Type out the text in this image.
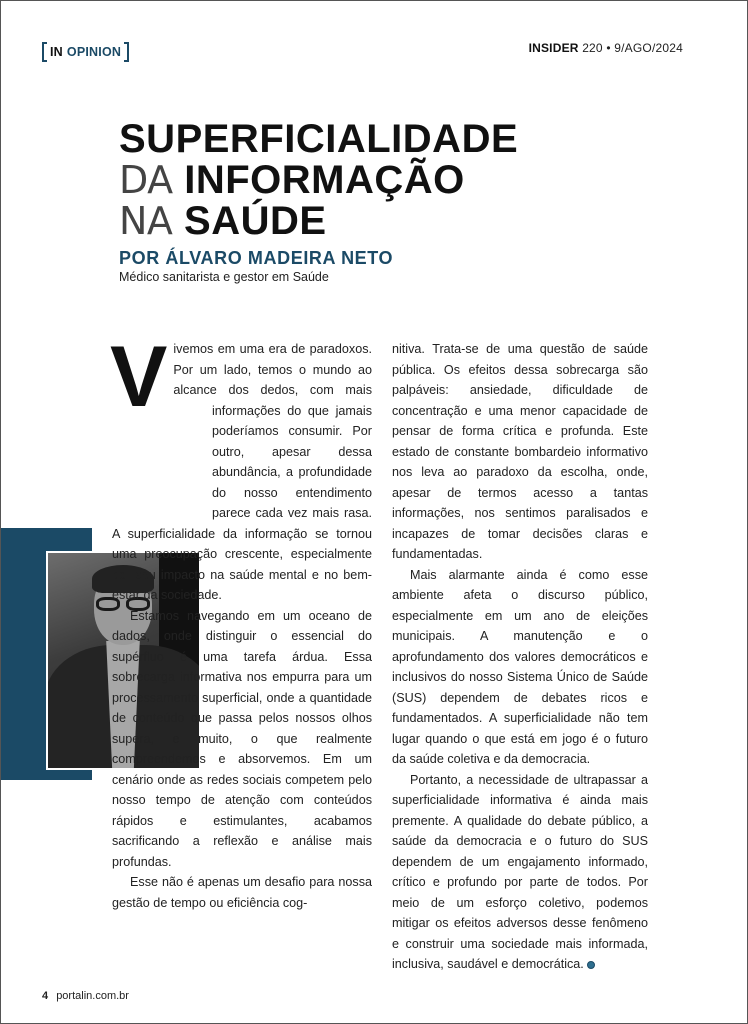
IN OPINION	INSIDER 220 • 9/AGO/2024
SUPERFICIALIDADE
DA INFORMAÇÃO
NA SAÚDE
POR ÁLVARO MADEIRA NETO
Médico sanitarista e gestor em Saúde

V ivemos em uma era de paradoxos. Por um lado, temos o mundo ao alcance dos dedos, com mais informações do que jamais poderíamos consumir. Por outro, apesar dessa abundância, a profundidade do nosso entendimento parece cada vez mais rasa. A superficialidade da informação se tornou uma preocupação crescente, especialmente por seu impacto na saúde mental e no bem-estar da sociedade.

Estamos navegando em um oceano de dados, onde distinguir o essencial do supérfluo é uma tarefa árdua. Essa sobrecarga informativa nos empurra para um processamento superficial, onde a quantidade de conteúdo que passa pelos nossos olhos supera, e muito, o que realmente compreendemos e absorvemos. Em um cenário onde as redes sociais competem pelo nosso tempo de atenção com conteúdos rápidos e estimulantes, acabamos sacrificando a reflexão e análise mais profundas.

Esse não é apenas um desafio para nossa gestão de tempo ou eficiência cog-

nitiva. Trata-se de uma questão de saúde pública. Os efeitos dessa sobrecarga são palpáveis: ansiedade, dificuldade de concentração e uma menor capacidade de pensar de forma crítica e profunda. Este estado de constante bombardeio informativo nos leva ao paradoxo da escolha, onde, apesar de termos acesso a tantas informações, nos sentimos paralisados e incapazes de tomar decisões claras e fundamentadas.

Mais alarmante ainda é como esse ambiente afeta o discurso público, especialmente em um ano de eleições municipais. A manutenção e o aprofundamento dos valores democráticos e inclusivos do nosso Sistema Único de Saúde (SUS) dependem de debates ricos e fundamentados. A superficialidade não tem lugar quando o que está em jogo é o futuro da saúde coletiva e da democracia.

Portanto, a necessidade de ultrapassar a superficialidade informativa é ainda mais premente. A qualidade do debate público, a saúde da democracia e o futuro do SUS dependem de um engajamento informado, crítico e profundo por parte de todos. Por meio de um esforço coletivo, podemos mitigar os efeitos adversos desse fenômeno e construir uma sociedade mais informada, inclusiva, saudável e democrática.

4 portalin.com.br
